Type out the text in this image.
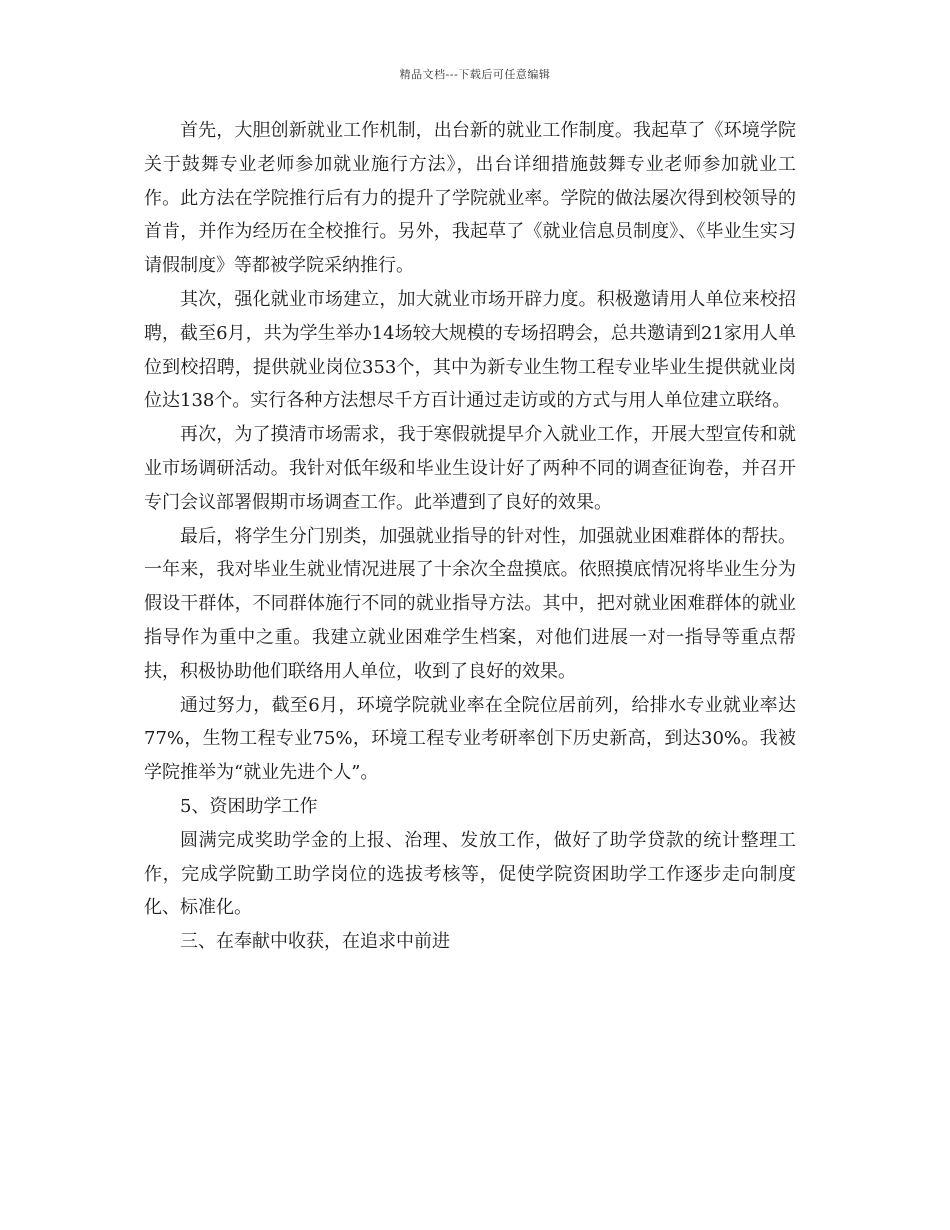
精品文档---下载后可任意编辑

首先，大胆创新就业工作机制，出台新的就业工作制度。我起草了《环境学院关于鼓舞专业老师参加就业施行方法》，出台详细措施鼓舞专业老师参加就业工作。此方法在学院推行后有力的提升了学院就业率。学院的做法屡次得到校领导的首肯，并作为经历在全校推行。另外，我起草了《就业信息员制度》、《毕业生实习请假制度》等都被学院采纳推行。

其次，强化就业市场建立，加大就业市场开辟力度。积极邀请用人单位来校招聘，截至6月，共为学生举办14场较大规模的专场招聘会，总共邀请到21家用人单位到校招聘，提供就业岗位353个，其中为新专业生物工程专业毕业生提供就业岗位达138个。实行各种方法想尽千方百计通过走访或的方式与用人单位建立联络。

再次，为了摸清市场需求，我于寒假就提早介入就业工作，开展大型宣传和就业市场调研活动。我针对低年级和毕业生设计好了两种不同的调查征询卷，并召开专门会议部署假期市场调查工作。此举遭到了良好的效果。

最后，将学生分门别类，加强就业指导的针对性，加强就业困难群体的帮扶。一年来，我对毕业生就业情况进展了十余次全盘摸底。依照摸底情况将毕业生分为假设干群体，不同群体施行不同的就业指导方法。其中，把对就业困难群体的就业指导作为重中之重。我建立就业困难学生档案，对他们进展一对一指导等重点帮扶，积极协助他们联络用人单位，收到了良好的效果。

通过努力，截至6月，环境学院就业率在全院位居前列，给排水专业就业率达77%，生物工程专业75%，环境工程专业考研率创下历史新高，到达30%。我被学院推举为“就业先进个人”。

5、资困助学工作

圆满完成奖助学金的上报、治理、发放工作，做好了助学贷款的统计整理工作，完成学院勤工助学岗位的选拔考核等，促使学院资困助学工作逐步走向制度化、标准化。

三、在奉献中收获，在追求中前进
